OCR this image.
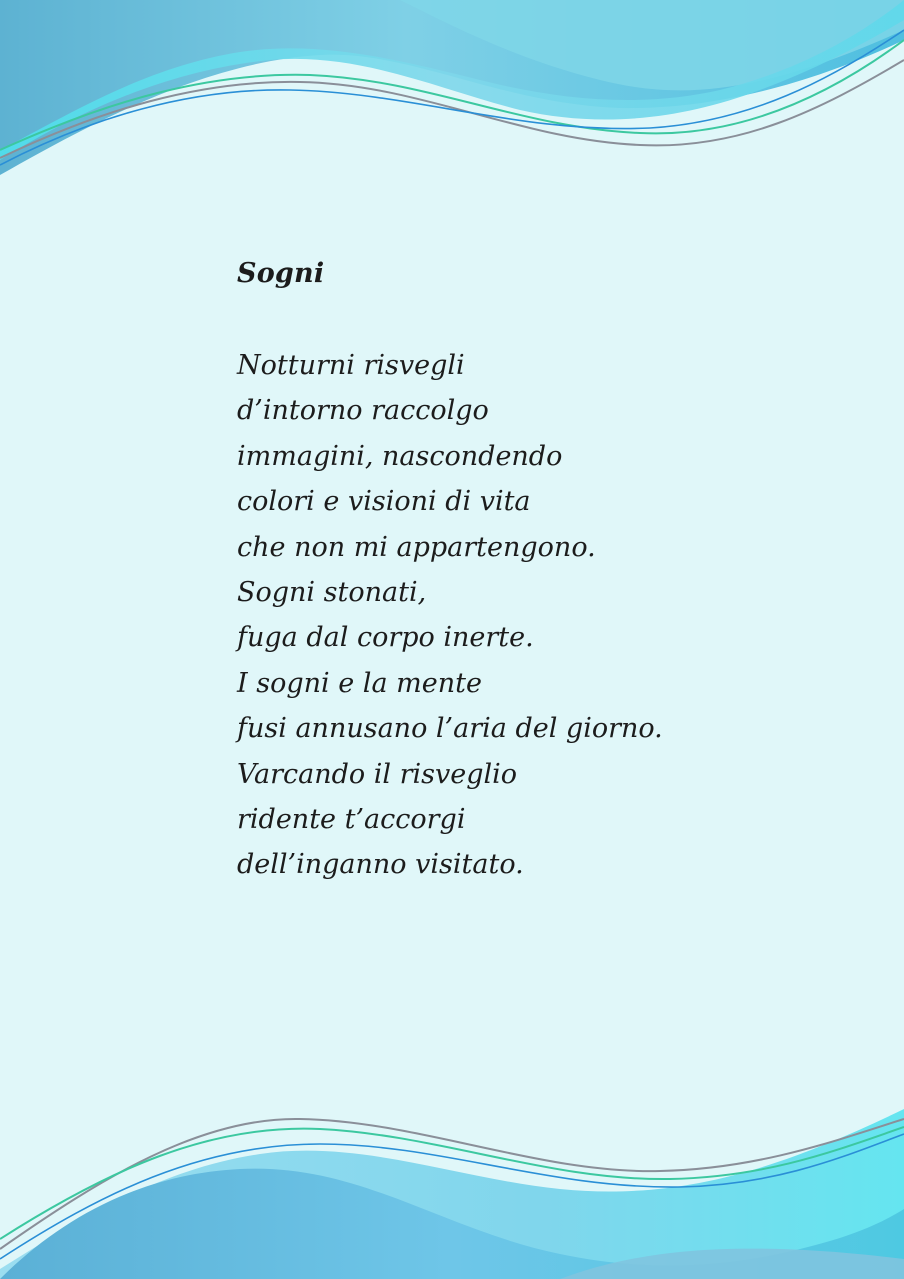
Sogni
Notturni risvegli
d’intorno raccolgo
immagini, nascondendo
colori e visioni di vita
che non mi appartengono.
Sogni stonati,
fuga dal corpo inerte.
I sogni e la mente
fusi annusano l’aria del giorno.
Varcando il risveglio
ridente t’accorgi
dell’inganno visitato.
